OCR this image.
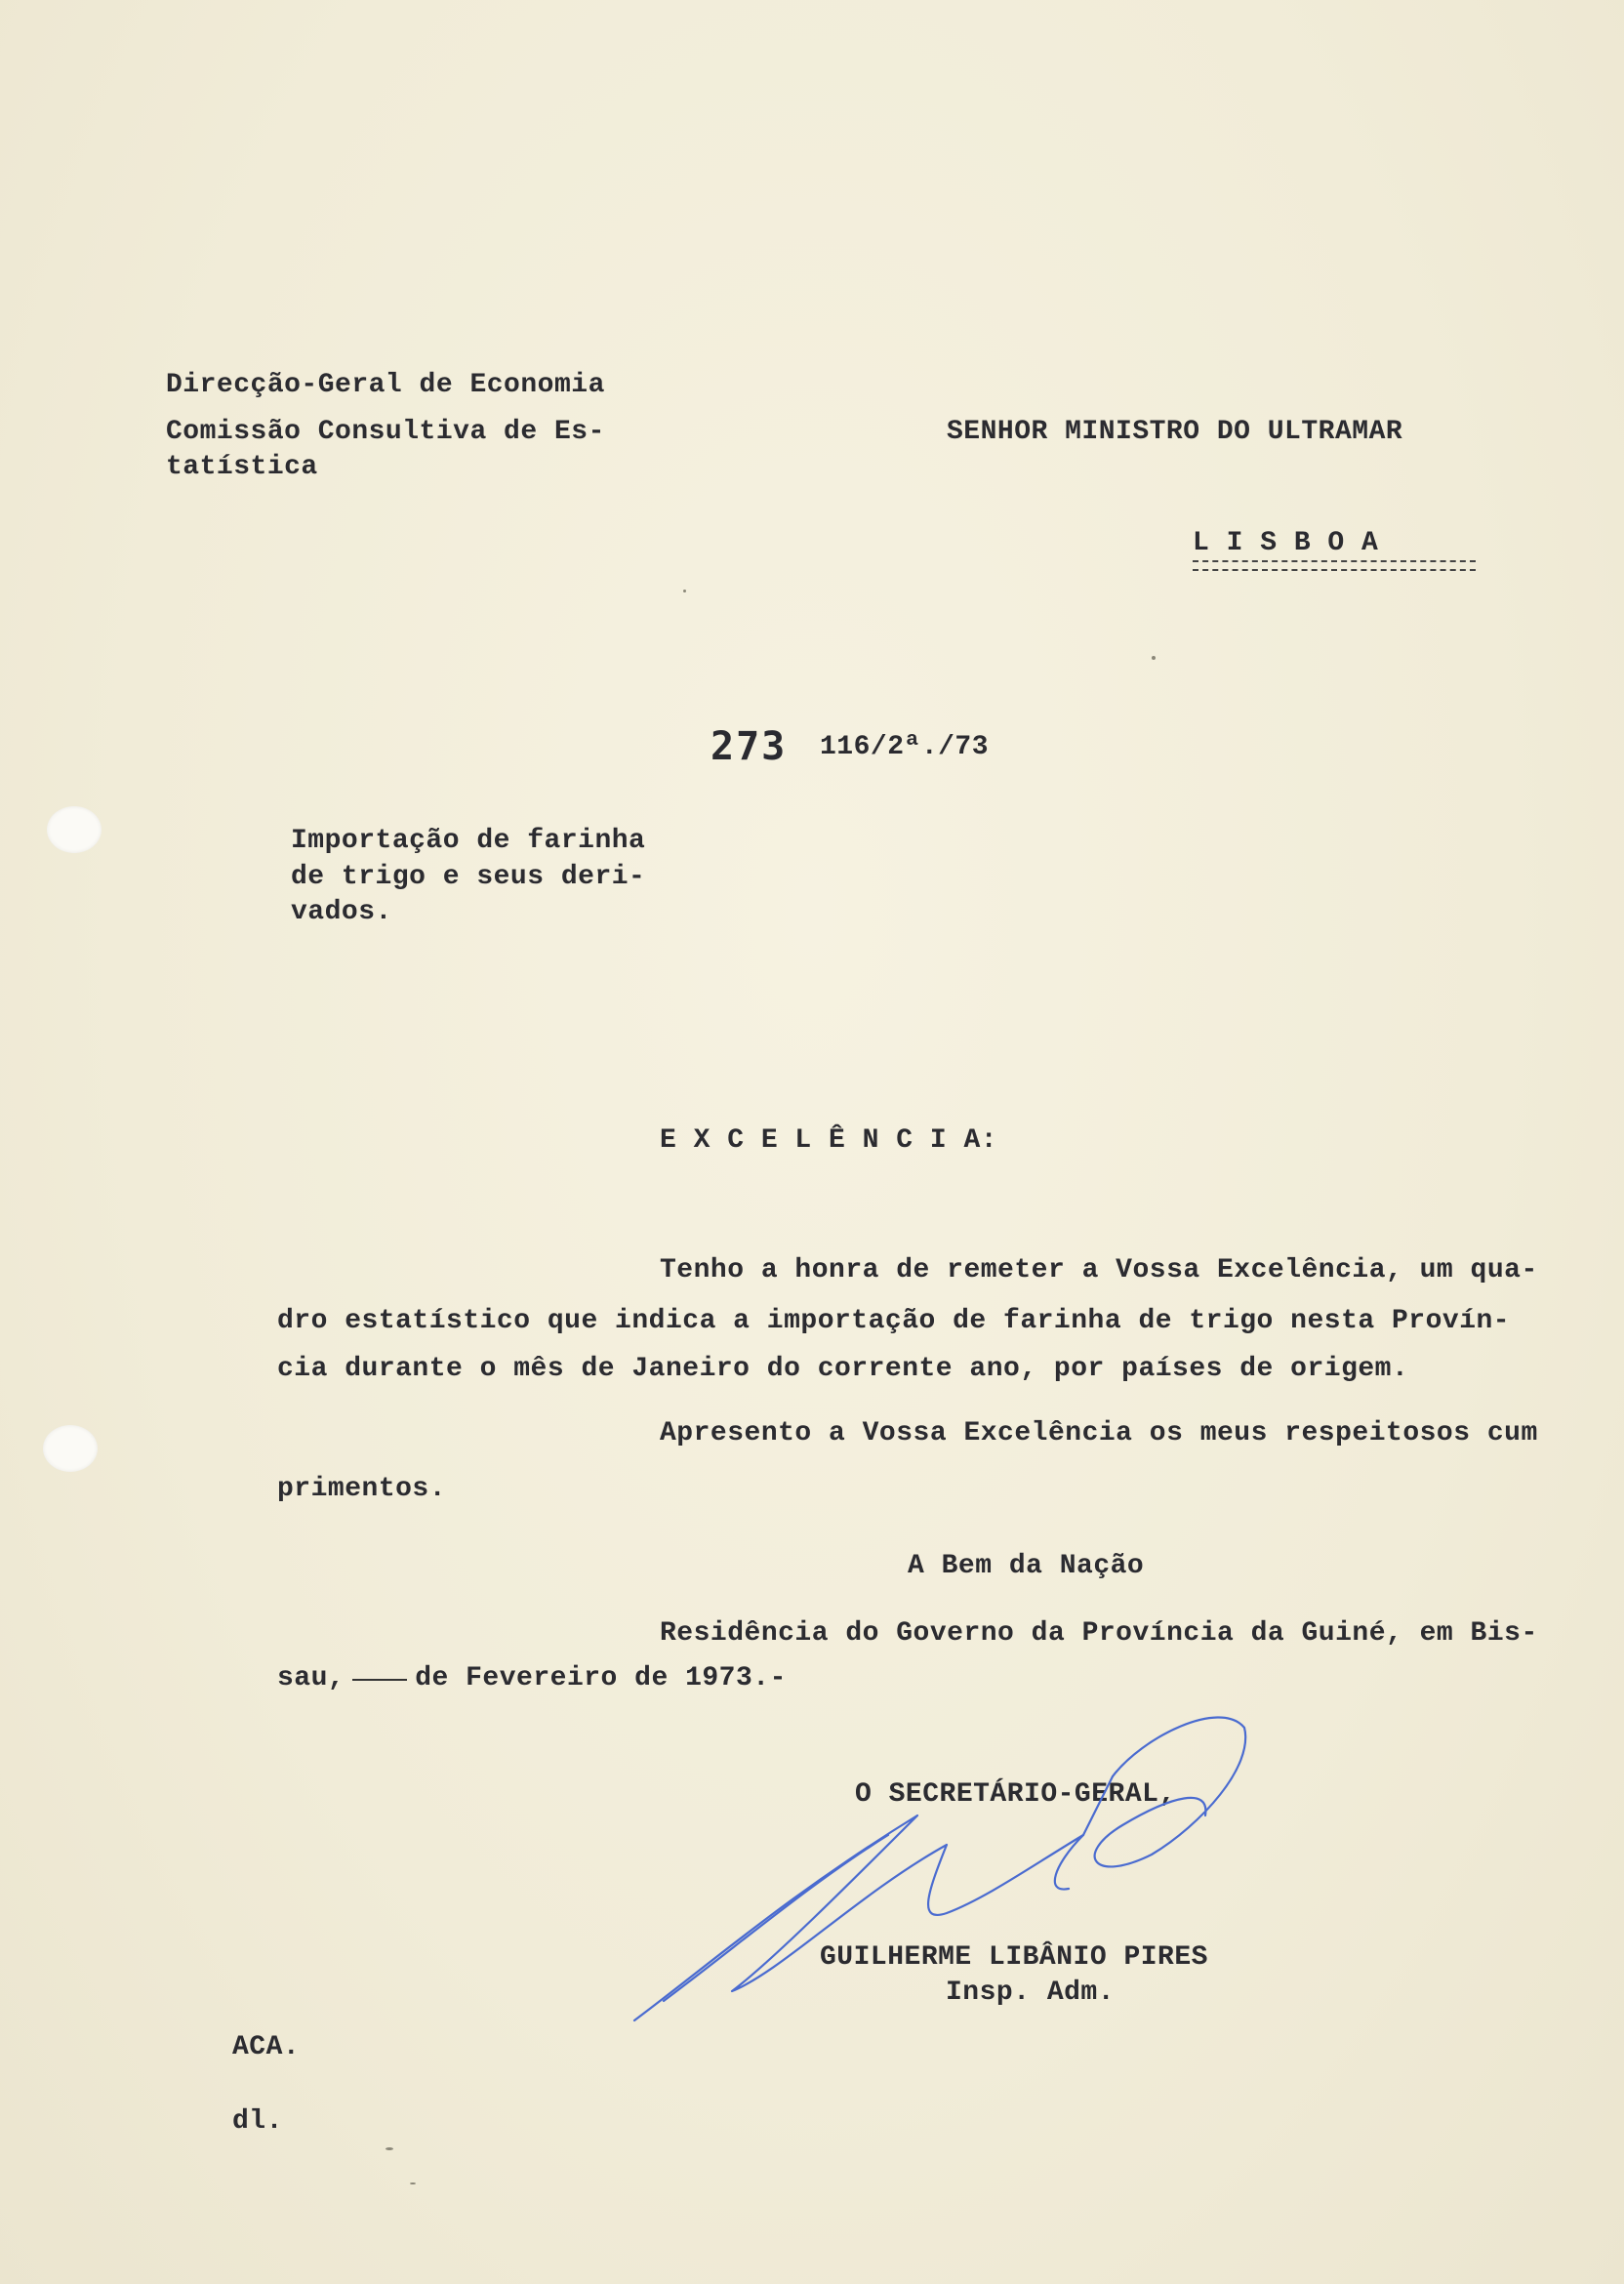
Direcção-Geral de Economia
Comissão Consultiva de Es-
tatística
SENHOR MINISTRO DO ULTRAMAR
L I S B O A
273 116/2ª./73
Importação de farinha
de trigo e seus deri-
vados.
E X C E L Ê N C I A:
Tenho a honra de remeter a Vossa Excelência, um qua-
dro estatístico que indica a importação de farinha de trigo nesta Provín-
cia durante o mês de Janeiro do corrente ano, por países de origem.
Apresento a Vossa Excelência os meus respeitosos cum
primentos.
A Bem da Nação
Residência do Governo da Província da Guiné, em Bis-
sau,	de Fevereiro de 1973.-
O SECRETÁRIO-GERAL,
GUILHERME LIBÂNIO PIRES
Insp. Adm.
ACA.
dl.
